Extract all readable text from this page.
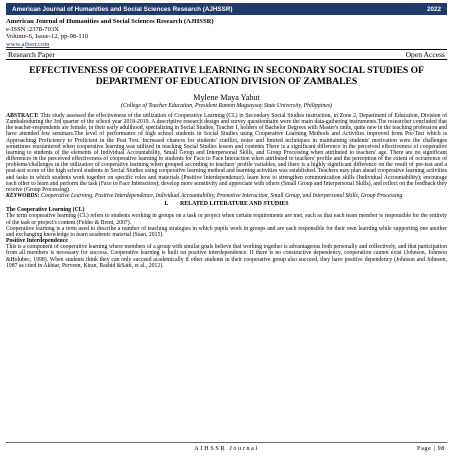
American Journal of Humanities and Social Sciences Research (AJHSSR)	2022
American Journal of Humanities and Social Sciences Research (AJHSSR)
e-ISSN :2378-703X
Volume-6, Issue-12, pp-98-110
www.ajhssr.com
Research Paper	Open Access
EFFECTIVENESS OF COOPERATIVE LEARNING IN SECONDARY SOCIAL STUDIES OF DEPARTMENT OF EDUCATION DIVISION OF ZAMBALES
Mylene Maya Yabut
(College of Teacher Education, President Ramon Magsaysay State University, Philippines)

ABSTRACT: This study assessed the effectiveness of the utilization of Cooperative Learning (CL) in Secondary Social Studies instruction, in Zone 2, Department of Education, Division of Zambalesduring the 3rd quarter of the school year 2018-2019. A descriptive research design and survey questionnaire were the main data-gathering instruments.The researcher concluded that the teacher-respondents are female, in their early adulthood, specializing in Social Studies, Teacher I, holders of Bachelor Degrees with Master's units, quite new in the teaching profession and have attended few seminars.The level of performance of high school students in Social Studies using Cooperative Learning Methods and Activities improved from Pre-Test which is Approaching Proficiency to Proficient in the Post Test. Increased chances for students' conflict, noise and limited techniques in maintaining students' motivation were the challenges sometimes encountered when cooperative learning was utilized in teaching Social Studies lesson and contents There is a significant difference in the perceived effectiveness of cooperative learning to students of the elements of Individual Accountability, Small Group and Interpersonal Skills, and Group Processing when attributed to teachers' age. There are no significant differences in the perceived effectiveness of cooperative learning to students for Face to Face Interaction when attributed to teachers' profile and the perception of the extent of occurrence of problems/challenges in the utilization of cooperative learning when grouped according to teachers' profile variables, and there is a highly significant difference on the result of pre-test and a post-test score of the high school students in Social Studies using cooperative learning method and learning activities was established. Teachers may plan ahead cooperative learning activities and tasks in which students work together on specific roles and materials (Positive Interdependence). learn how to strengthen communication skills (Individual Accountability); encourage each other to learn and perform the task (Face to Face Interaction); develop more sensitivity and appreciate with others (Small Group and Interpersonal Skills), and reflect on the feedback they receive (Group Processing).

KEYWORDS: Cooperative Learning, Positive Interdependence, Individual Accountability, Promotive Interaction, Small Group, and Interpersonal Skills, Group Processing

I. RELATED LITERATURE AND STUDIES
The Cooperative Learning (CL)

The term cooperative learning (CL) refers to students working in groups on a task or project when certain requirements are met, such as that each team member is responsible for the entirety of the task or project's content (Felder & Brent, 2007).

Cooperative learning is a term used to describe a number of teaching strategies in which pupils work in groups and are each responsible for their own learning while supporting one another and exchanging knowledge to learn academic material (Suan, 2015).

Positive Interdependence

This is a component of cooperative learning where members of a group with similar goals believe that working together is advantageous both personally and collectively, and that participation from all members is necessary for success. Cooperative learning is built on positive interdependence. If there is no constructive dependency, cooperation cannot exist (Johnson, Johnson &Holubec, 1998). When students think they can only succeed academically if other students in their cooperative group also succeed, they have positive dependency (Johnson and Johnson, 1987 as cited in Akhtar, Perveen, Kiran, Rashid &Satti, et al., 2012).

AJHSSR Journal	Page | 98
